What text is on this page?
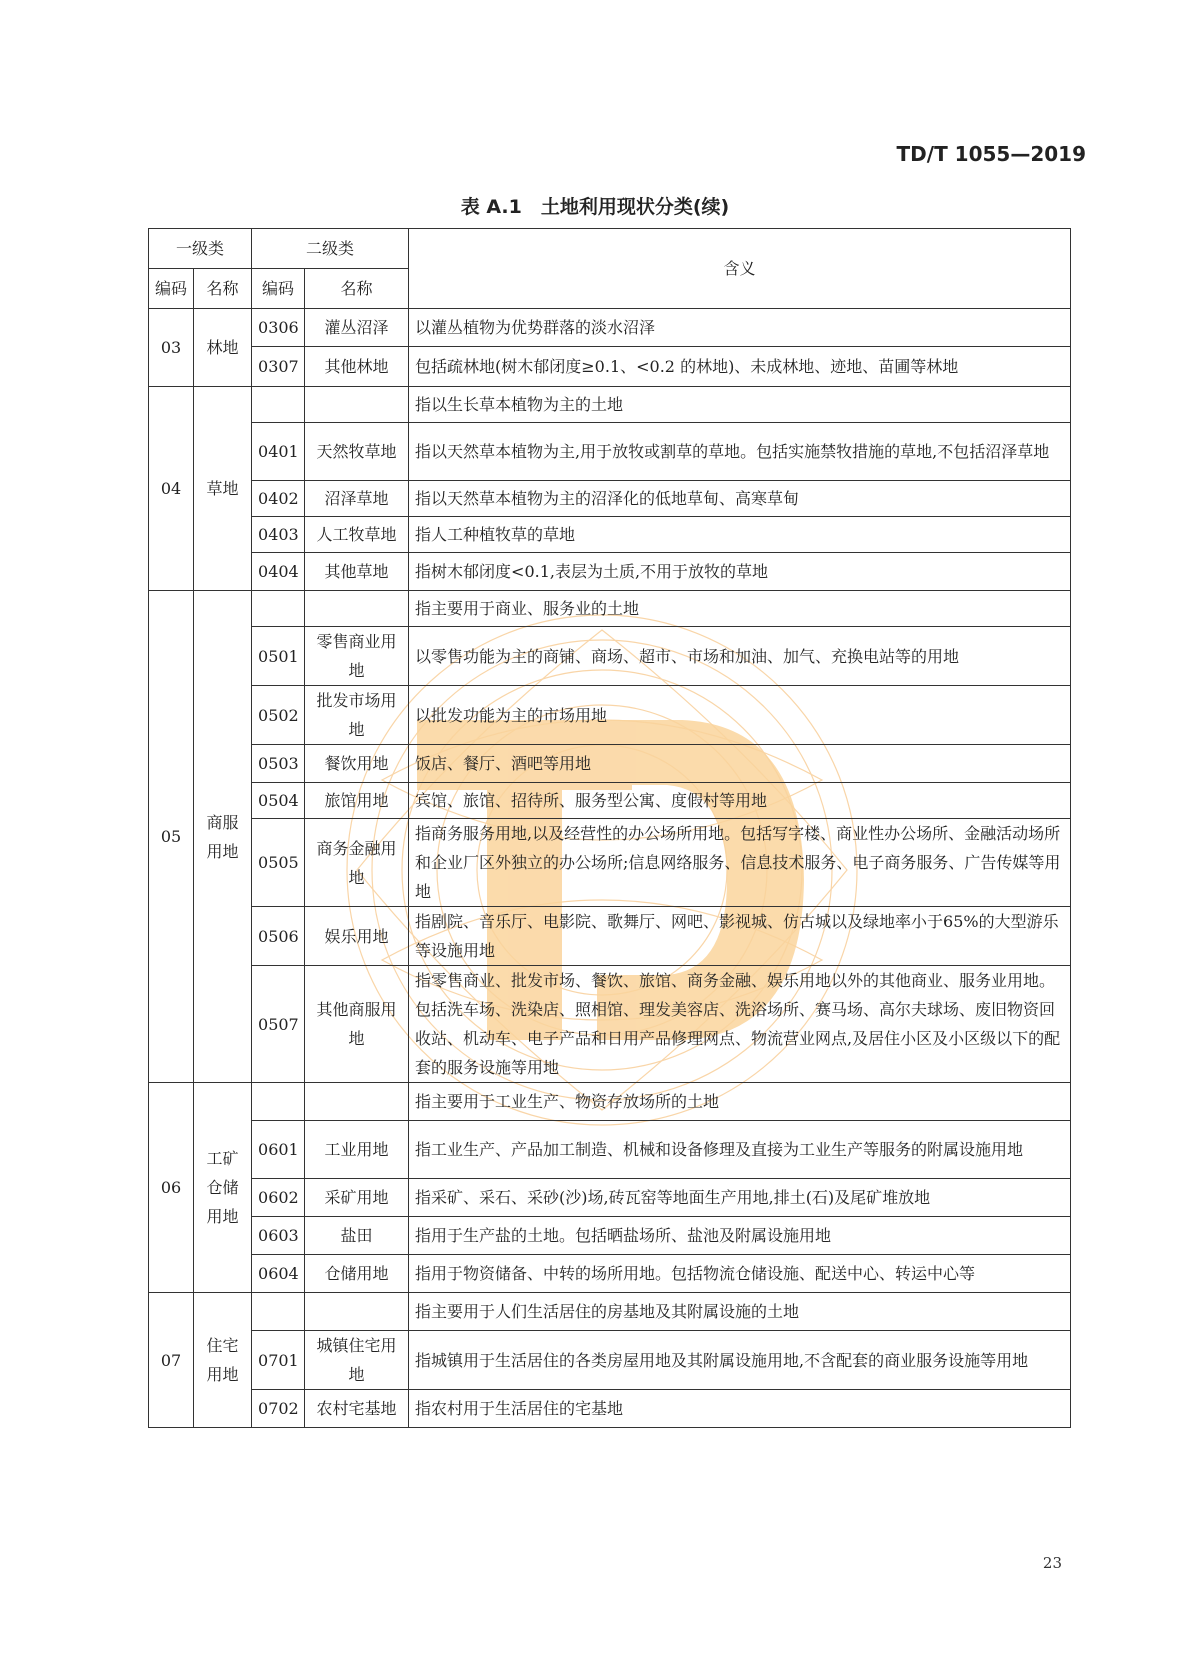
TD/T 1055—2019
表 A.1　土地利用现状分类(续)
一级类		二级类		含义
编码	名称	编码	名称	
03	林地	0306	灌丛沼泽	以灌丛植物为优势群落的淡水沼泽
		0307	其他林地	包括疏林地(树木郁闭度≥0.1、<0.2 的林地)、未成林地、迹地、苗圃等林地
04	草地			指以生长草本植物为主的土地
		0401	天然牧草地	指以天然草本植物为主,用于放牧或割草的草地。包括实施禁牧措施的草地,不包括沼泽草地
		0402	沼泽草地	指以天然草本植物为主的沼泽化的低地草甸、高寒草甸
		0403	人工牧草地	指人工种植牧草的草地
		0404	其他草地	指树木郁闭度<0.1,表层为土质,不用于放牧的草地
05	商服用地			指主要用于商业、服务业的土地
		0501	零售商业用地	以零售功能为主的商铺、商场、超市、市场和加油、加气、充换电站等的用地
		0502	批发市场用地	以批发功能为主的市场用地
		0503	餐饮用地	饭店、餐厅、酒吧等用地
		0504	旅馆用地	宾馆、旅馆、招待所、服务型公寓、度假村等用地
		0505	商务金融用地	指商务服务用地,以及经营性的办公场所用地。包括写字楼、商业性办公场所、金融活动场所和企业厂区外独立的办公场所;信息网络服务、信息技术服务、电子商务服务、广告传媒等用地
		0506	娱乐用地	指剧院、音乐厅、电影院、歌舞厅、网吧、影视城、仿古城以及绿地率小于65%的大型游乐等设施用地
		0507	其他商服用地	指零售商业、批发市场、餐饮、旅馆、商务金融、娱乐用地以外的其他商业、服务业用地。包括洗车场、洗染店、照相馆、理发美容店、洗浴场所、赛马场、高尔夫球场、废旧物资回收站、机动车、电子产品和日用产品修理网点、物流营业网点,及居住小区及小区级以下的配套的服务设施等用地
06	工矿仓储用地			指主要用于工业生产、物资存放场所的土地
		0601	工业用地	指工业生产、产品加工制造、机械和设备修理及直接为工业生产等服务的附属设施用地
		0602	采矿用地	指采矿、采石、采砂(沙)场,砖瓦窑等地面生产用地,排土(石)及尾矿堆放地
		0603	盐田	指用于生产盐的土地。包括晒盐场所、盐池及附属设施用地
		0604	仓储用地	指用于物资储备、中转的场所用地。包括物流仓储设施、配送中心、转运中心等
07	住宅用地			指主要用于人们生活居住的房基地及其附属设施的土地
		0701	城镇住宅用地	指城镇用于生活居住的各类房屋用地及其附属设施用地,不含配套的商业服务设施等用地
		0702	农村宅基地	指农村用于生活居住的宅基地
23
